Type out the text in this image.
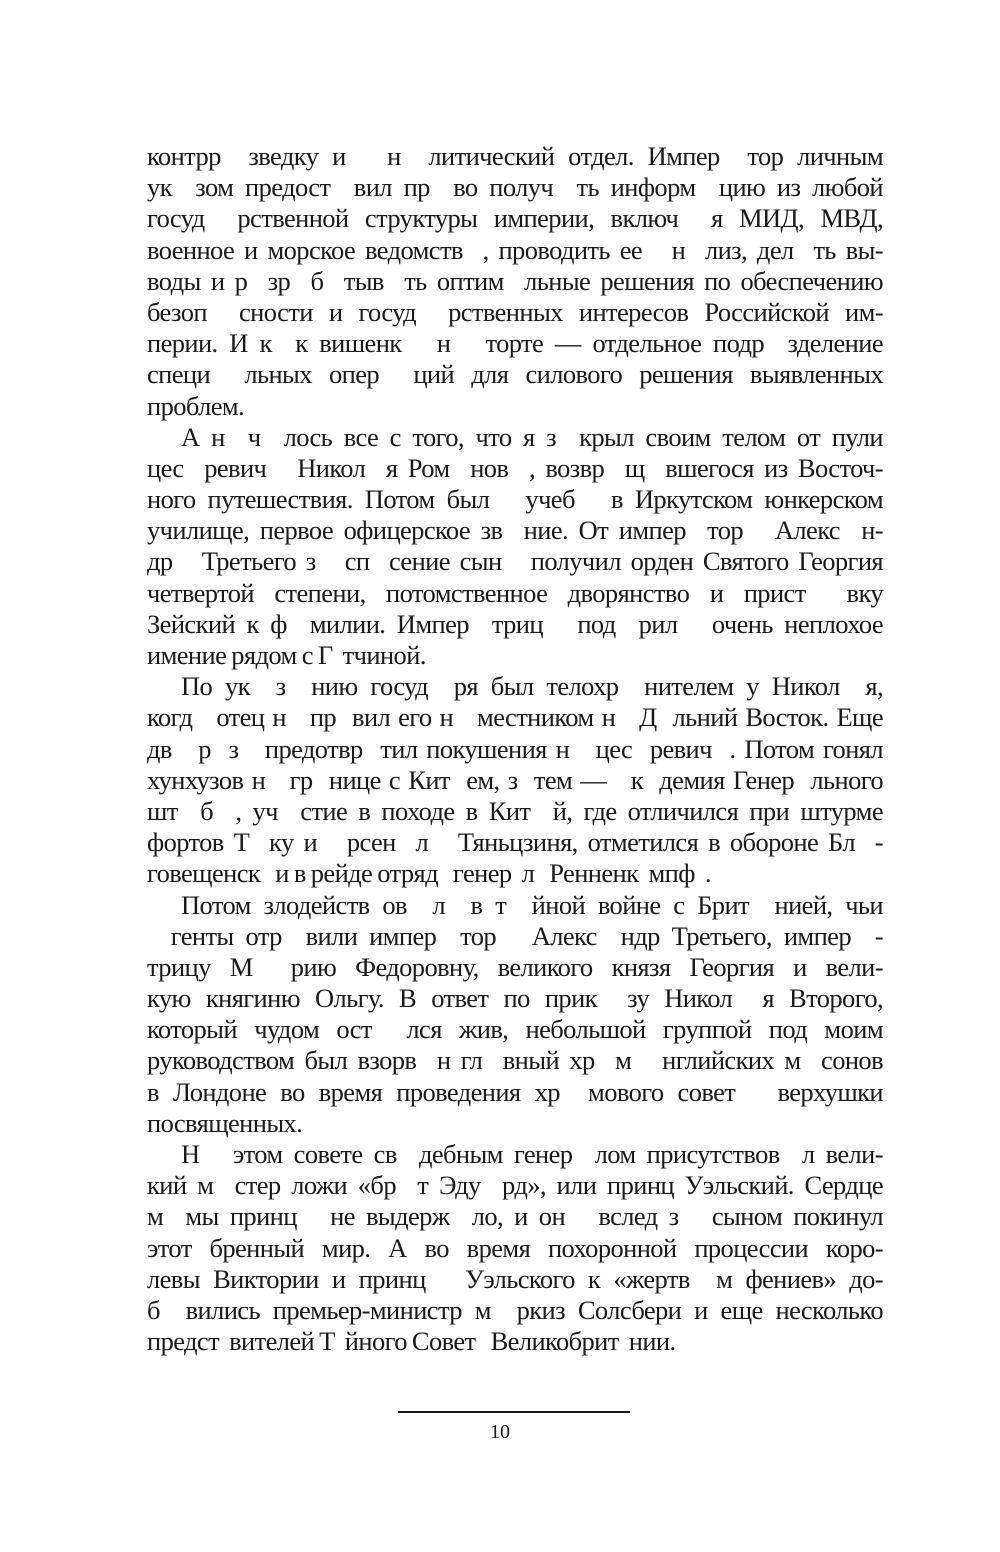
контрр  зведку и   н  литический отдел. Импер  тор личным
ук  зом предост  вил пр  во получ  ть информ  цию из любой
госуд  рственной структуры империи, включ  я МИД, МВД,
военное и морское ведомств  , проводить ее   н  лиз, дел  ть вы-
воды и р  зр  б  тыв  ть оптим  льные решения по обеспечению
безоп  сности и госуд  рственных интересов Российской им-
перии. И к  к вишенк   н   торте — отдельное подр  зделение
специ  льных опер  ций для силового решения выявленных
проблем.
А н  ч  лось все с того, что я з  крыл своим телом от пули
цес  ревич   Никол  я Ром  нов  , возвр  щ  вшегося из Восточ-
ного путешествия. Потом был   учеб   в Иркутском юнкерском
училище, первое офицерское зв  ние. От импер  тор   Алекс  н-
др   Третьего з   сп  сение сын   получил орден Святого Георгия
четвертой степени, потомственное дворянство и прист  вку
Зейский к ф  милии. Импер  триц   под  рил   очень неплохое
имение рядом с Г  тчиной.
По ук  з  нию госуд  ря был телохр  нителем у Никол  я,
когд   отец н   пр  вил его н   местником н   Д  льний Восток. Еще
дв   р  з   предотвр  тил покушения н   цес  ревич  . Потом гонял
хунхузов н   гр  нице с Кит  ем, з  тем —   к  демия Генер  льного
шт  б  , уч  стие в походе в Кит  й, где отличился при штурме
фортов Т  ку и   рсен  л   Тяньцзиня, отметился в обороне Бл  -
говещенск   и в рейде отряд   генер  л   Ренненк  мпф  .
Потом злодейств ов  л  в т  йной войне с Брит  нией, чьи
генты отр  вили импер  тор   Алекс  ндр Третьего, импер  -
трицу М  рию Федоровну, великого князя Георгия и вели-
кую княгиню Ольгу. В ответ по прик  зу Никол  я Второго,
который чудом ост  лся жив, небольшой группой под моим
руководством был взорв  н гл  вный хр  м   нглийских м  сонов
в Лондоне во время проведения хр  мового совет   верхушки
посвященных.
Н   этом совете св  дебным генер  лом присутствов  л вели-
кий м  стер ложи «бр  т Эду  рд», или принц Уэльский. Сердце
м  мы принц   не выдерж  ло, и он   вслед з   сыном покинул
этот бренный мир. А во время похоронной процессии коро-
левы Виктории и принц   Уэльского к «жертв  м фениев» до-
б  вились премьер-министр м  ркиз Солсбери и еще несколько
предст  вителей Т  йного Совет   Великобрит  нии.
10
